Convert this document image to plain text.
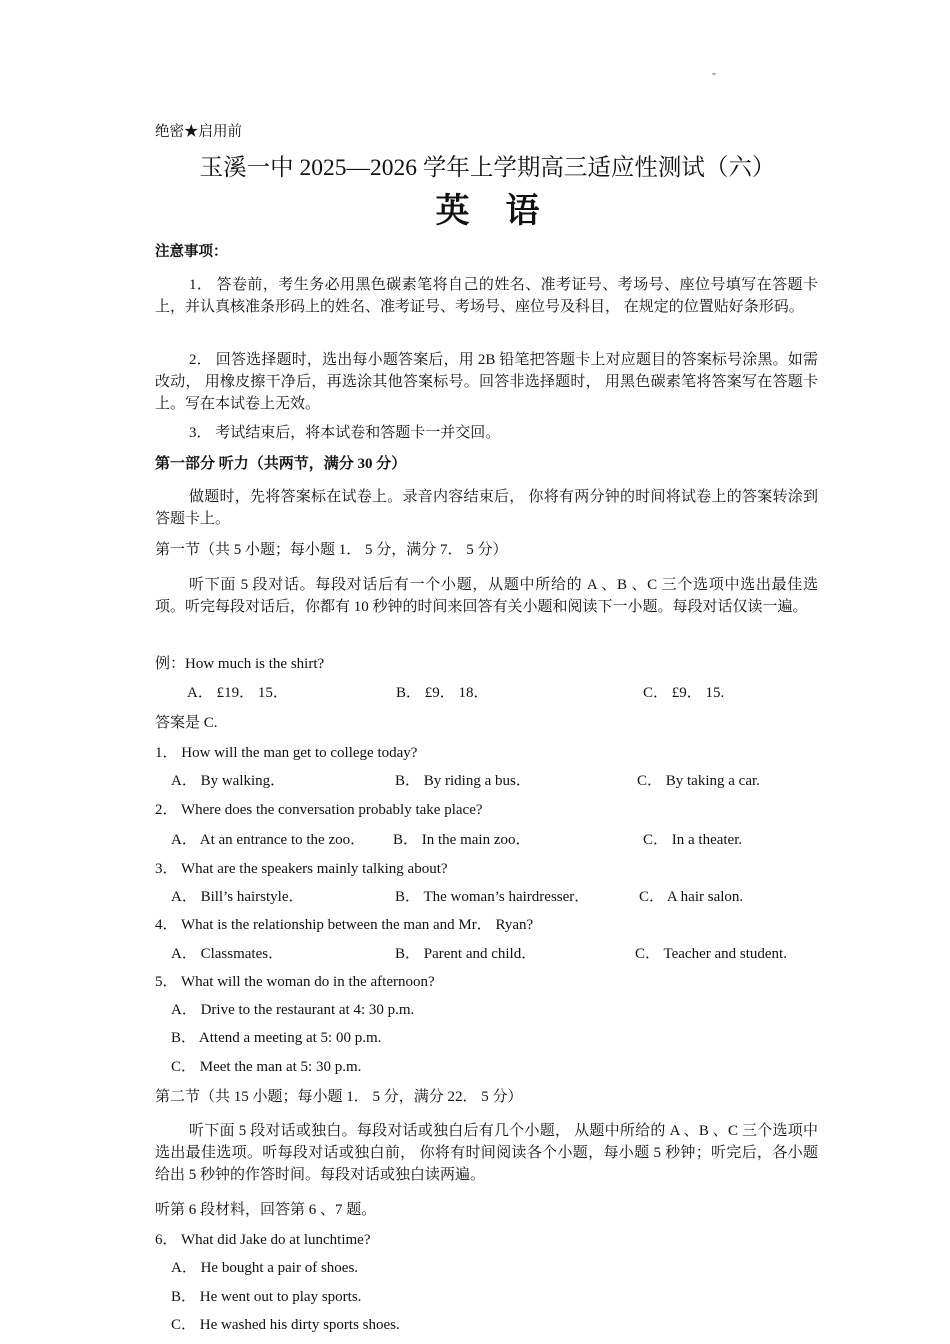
"
绝密★启用前
玉溪一中 2025—2026 学年上学期高三适应性测试（六）
英语
注意事项：
1． 答卷前，考生务必用黑色碳素笔将自己的姓名、准考证号、考场号、座位号填写在答题卡上，并认真核准条形码上的姓名、准考证号、考场号、座位号及科目， 在规定的位置贴好条形码。
2． 回答选择题时，选出每小题答案后，用 2B 铅笔把答题卡上对应题目的答案标号涂黑。如需改动， 用橡皮擦干净后，再选涂其他答案标号。回答非选择题时， 用黑色碳素笔将答案写在答题卡上。写在本试卷上无效。
3． 考试结束后，将本试卷和答题卡一并交回。
第一部分 听力（共两节，满分 30 分）
做题时，先将答案标在试卷上。录音内容结束后， 你将有两分钟的时间将试卷上的答案转涂到答题卡上。
第一节（共 5 小题；每小题 1． 5 分，满分 7． 5 分）
听下面 5 段对话。每段对话后有一个小题，从题中所给的 A 、B 、C 三个选项中选出最佳选项。听完每段对话后，你都有 10 秒钟的时间来回答有关小题和阅读下一小题。每段对话仅读一遍。
例：How much is the shirt?
A． £19． 15．	B． £9． 18．	C． £9． 15.
答案是 C.
1． How will the man get to college today?
A． By walking．	B． By riding a bus．	C． By taking a car.
2． Where does the conversation probably take place?
A． At an entrance to the zoo． B． In the main zoo．	C． In a theater.
3． What are the speakers mainly talking about?
A． Bill’s hairstyle．	B． The woman’s hairdresser．	C． A hair salon.
4． What is the relationship between the man and Mr． Ryan?
A． Classmates．	B． Parent and child．	C． Teacher and student.
5． What will the woman do in the afternoon?
A． Drive to the restaurant at 4: 30 p.m.
B． Attend a meeting at 5: 00 p.m.
C． Meet the man at 5: 30 p.m.
第二节（共 15 小题；每小题 1． 5 分，满分 22． 5 分）
听下面 5 段对话或独白。每段对话或独白后有几个小题， 从题中所给的 A 、B 、C 三个选项中选出最佳选项。听每段对话或独白前， 你将有时间阅读各个小题，每小题 5 秒钟；听完后，各小题给出 5 秒钟的作答时间。每段对话或独白读两遍。
听第 6 段材料，回答第 6 、7 题。
6． What did Jake do at lunchtime?
A． He bought a pair of shoes.
B． He went out to play sports.
C． He washed his dirty sports shoes.
